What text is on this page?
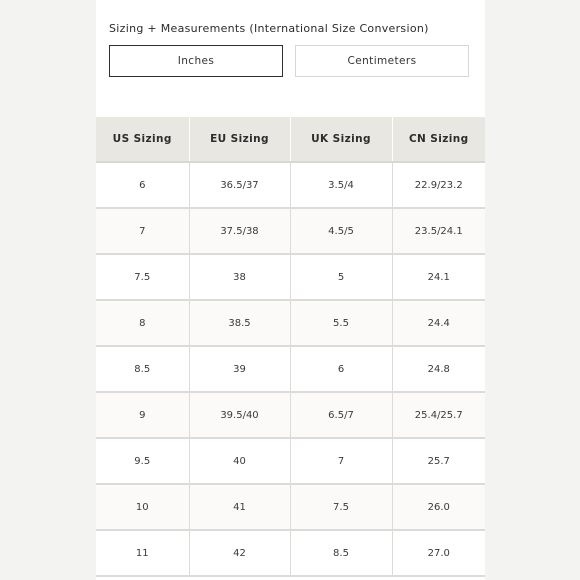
Sizing + Measurements (International Size Conversion)
Inches	Centimeters
US Sizing	EU Sizing	UK Sizing	CN Sizing
6	36.5/37	3.5/4	22.9/23.2
7	37.5/38	4.5/5	23.5/24.1
7.5	38	5	24.1
8	38.5	5.5	24.4
8.5	39	6	24.8
9	39.5/40	6.5/7	25.4/25.7
9.5	40	7	25.7
10	41	7.5	26.0
11	42	8.5	27.0
